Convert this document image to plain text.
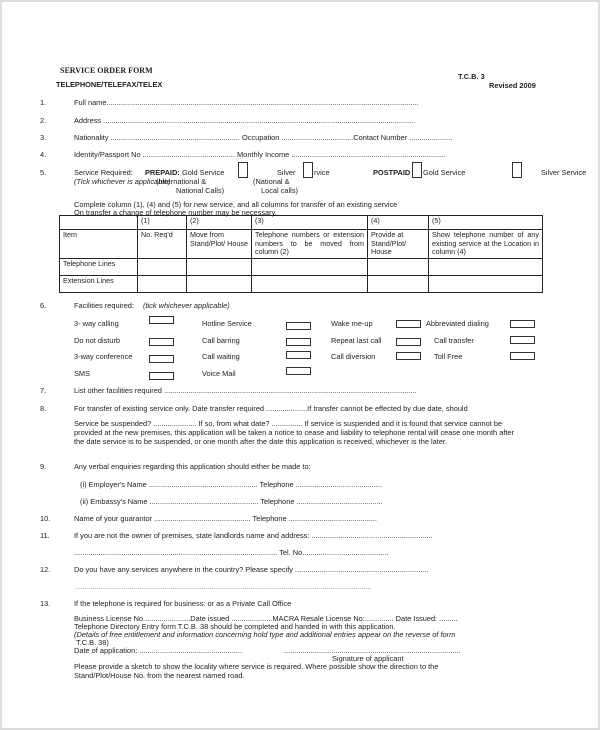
SERVICE ORDER FORM
TELEPHONE/TELEFAX/TELEX
T.C.B. 3
Revised 2009
1.	Full name........................................................................................................................................................
2.	Address ........................................................................................................................................................
3.	Nationality ............................................................... Occupation ...................................Contact Number .....................
4.	Identity/Passport No ............................................. Monthly Income ...........................................................................
5.	Service Required: PREPAID: Gold Service	Silver	rvice	POSTPAID Gold Service	Silver Service
(Tick whichever is applicable)
(International &
National Calls)
(National &
Local calls)
Complete column (1), (4) and (5) for new service, and all columns for transfer of an existing service
On transfer a change of telephone number may be necessary.
	(1)	(2)	(3)	(4)	(5)
Item	No. Req'd	Move from Stand/Plot/ House	Telephone numbers or extension numbers to be moved from column (2)	Provide at Stand/Plot/ House	Show telephone number of any existing service at the Location in column (4)
Telephone Lines					
Extension Lines					
6.	Facilities required: (tick whichever applicable)
3- way calling	Hotline Service	Wake me-up	Abbreviated dialing
Do not disturb	Call barring	Repeat last call	Call transfer
3-way conference	Call waiting	Call diversion	Toll Free
SMS	Voice Mail
7.	List other facilities required ...........................................................................................................................
8.	For transfer of existing service only. Date transfer required ....................If transfer cannot be effected by due date, should
Service be suspended? ..................... If so, from what date? ............... If service is suspended and it is found that service cannot be provided at the new premises, this application will be taken a notice to cease and liability to telephone rental will cease one month after the date service is to be suspended, or one month after the date this application is received, whichever is the later.
9.	Any verbal enquiries regarding this application should either be made to:
(i) Employer's Name ..................................................... Telephone ..........................................
(ii) Embassy's Name ..................................................... Telephone ..........................................
10.	Name of your guarantor ............................................... Telephone ...........................................
11.	If you are not the owner of premises, state landlords name and address: ...........................................................
................................................................................................... Tel. No..........................................
12.	Do you have any services anywhere in the country? Please specify .................................................................
.................................................................................................................................................
13.	If the telephone is required for business: or as a Private Call Office
Business License No.......................Date issued ....................MACRA Resale License No:.............. Date Issued: .........
Telephone Directory Entry form T.C.B. 38 should be completed and handed in with this application.
(Details of free entitlement and information concerning hold type and additional entries appear on the reverse of form
T.C.B. 38)
Date of application: ..................................................	......................................................................................
Signature of applicant
Please provide a sketch to show the locality where service is required. Where possible show the direction to the Stand/Plot/House No. from the nearest named road.
